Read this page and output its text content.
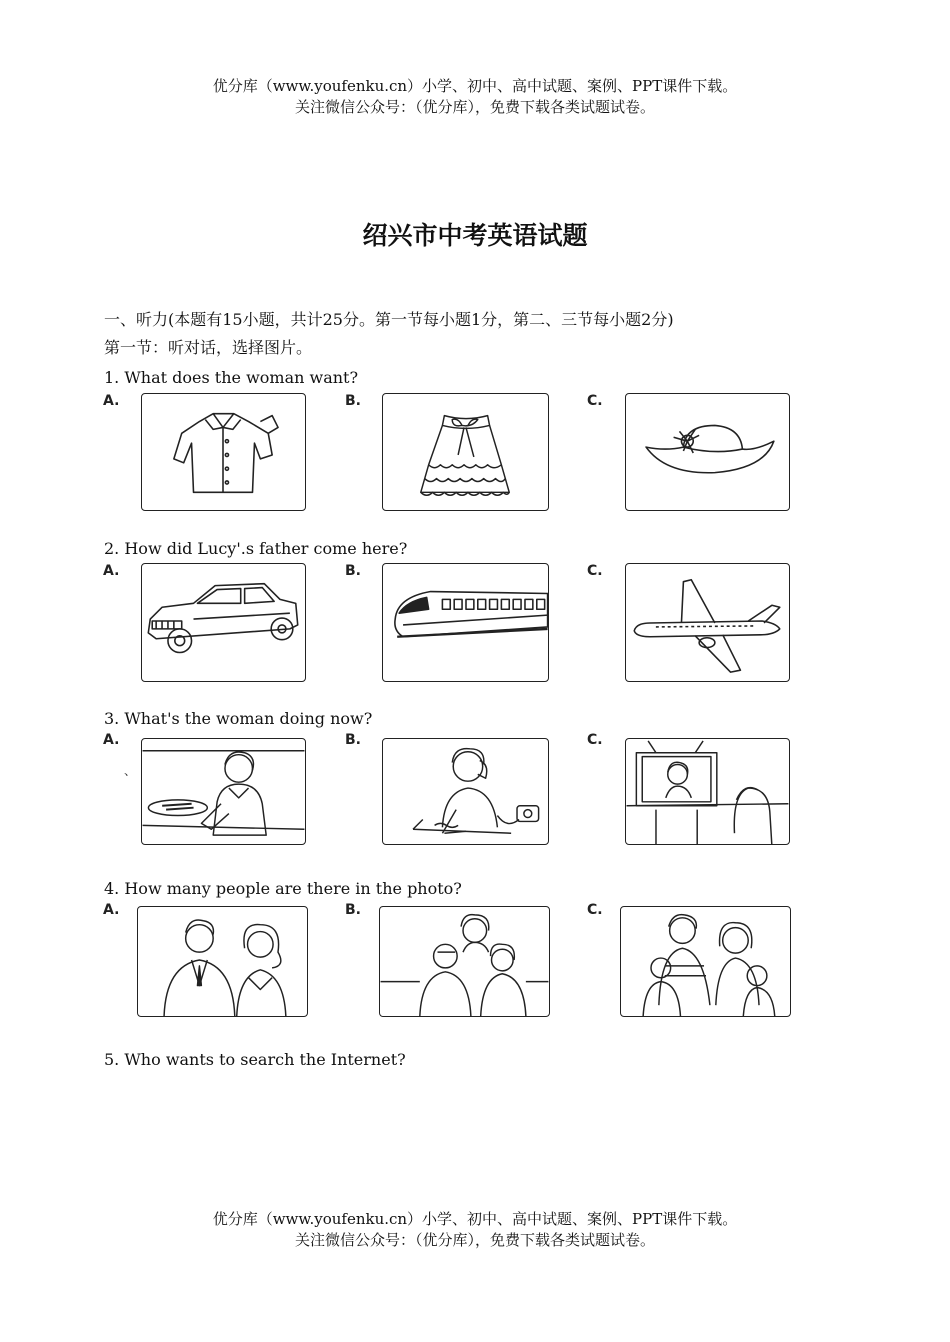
优分库（www.youfenku.cn）小学、初中、高中试题、案例、PPT课件下载。
关注微信公众号：（优分库），免费下载各类试题试卷。
绍兴市中考英语试题
一、听力(本题有15小题，共计25分。第一节每小题1分，第二、三节每小题2分)
第一节：听对话，选择图片。
1. What does the woman want?
A.	B.	C.
2. How did Lucy'.s father come here?
A.	B.	C.
3. What's the woman doing now?
A.	B.	C.
、
4. How many people are there in the photo?
A.	B.	C.
5. Who wants to search the Internet?
优分库（www.youfenku.cn）小学、初中、高中试题、案例、PPT课件下载。
关注微信公众号：（优分库），免费下载各类试题试卷。
